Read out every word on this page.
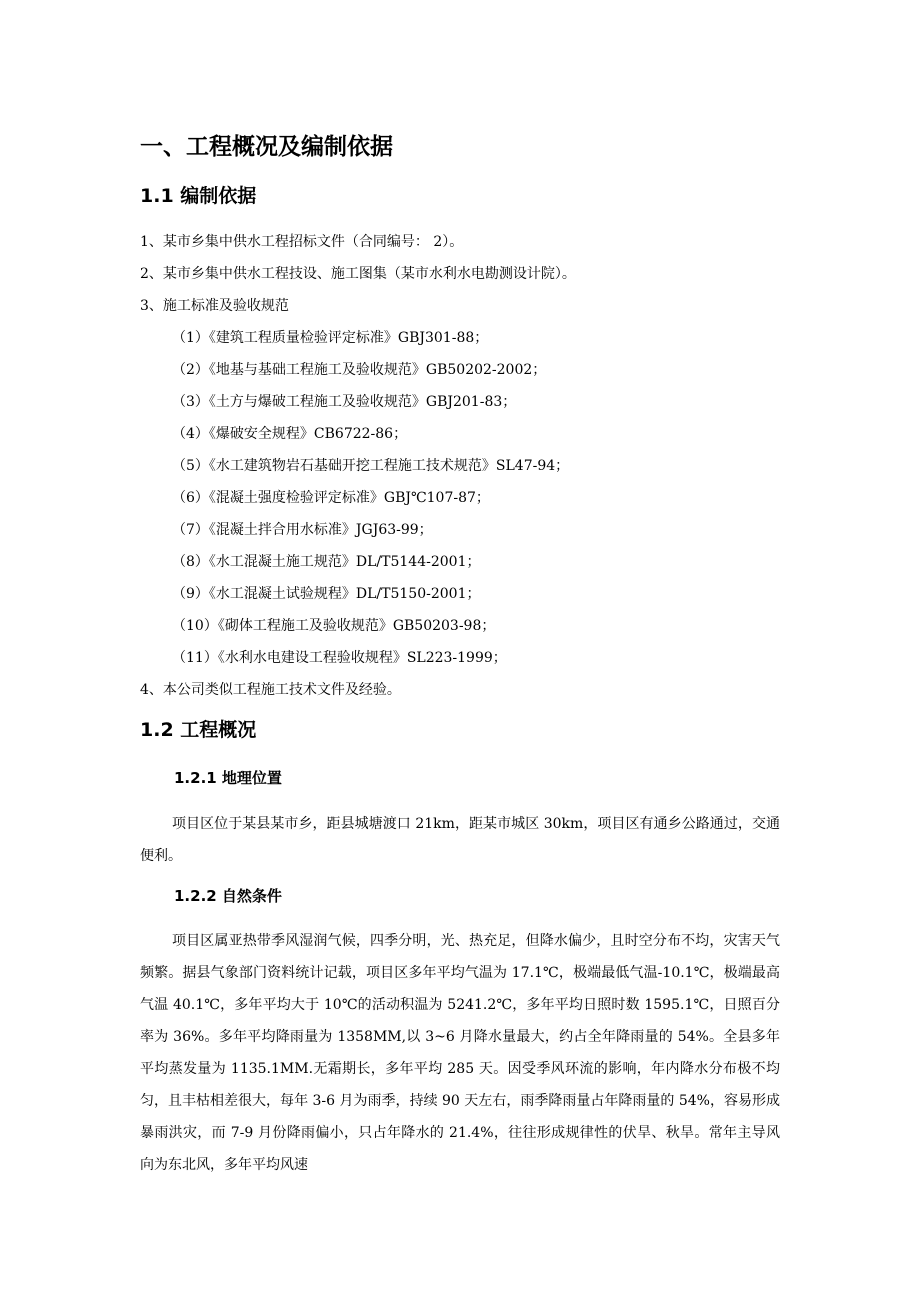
一、工程概况及编制依据
1.1 编制依据
1、某市乡集中供水工程招标文件（合同编号： 2）。
2、某市乡集中供水工程技设、施工图集（某市水利水电勘测设计院）。
3、施工标准及验收规范
（1）《建筑工程质量检验评定标准》GBJ301-88；
（2）《地基与基础工程施工及验收规范》GB50202-2002；
（3）《土方与爆破工程施工及验收规范》GBJ201-83；
（4）《爆破安全规程》CB6722-86；
（5）《水工建筑物岩石基础开挖工程施工技术规范》SL47-94；
（6）《混凝土强度检验评定标准》GBJ℃107-87；
（7）《混凝土拌合用水标准》JGJ63-99；
（8）《水工混凝土施工规范》DL/T5144-2001；
（9）《水工混凝土试验规程》DL/T5150-2001；
（10）《砌体工程施工及验收规范》GB50203-98；
（11）《水利水电建设工程验收规程》SL223-1999；
4、本公司类似工程施工技术文件及经验。
1.2 工程概况
1.2.1 地理位置

项目区位于某县某市乡，距县城塘渡口 21km，距某市城区 30km，项目区有通乡公路通过，交通便利。

1.2.2 自然条件

项目区属亚热带季风湿润气候，四季分明，光、热充足，但降水偏少，且时空分布不均，灾害天气频繁。据县气象部门资料统计记载，项目区多年平均气温为 17.1℃，极端最低气温-10.1℃，极端最高气温 40.1℃，多年平均大于 10℃的活动积温为 5241.2℃，多年平均日照时数 1595.1℃，日照百分率为 36%。多年平均降雨量为 1358MM,以 3~6 月降水量最大，约占全年降雨量的 54%。全县多年平均蒸发量为 1135.1MM.无霜期长，多年平均 285 天。因受季风环流的影响，年内降水分布极不均匀，且丰枯相差很大，每年 3-6 月为雨季，持续 90 天左右，雨季降雨量占年降雨量的 54%，容易形成暴雨洪灾，而 7-9 月份降雨偏小，只占年降水的 21.4%，往往形成规律性的伏旱、秋旱。常年主导风向为东北风，多年平均风速
